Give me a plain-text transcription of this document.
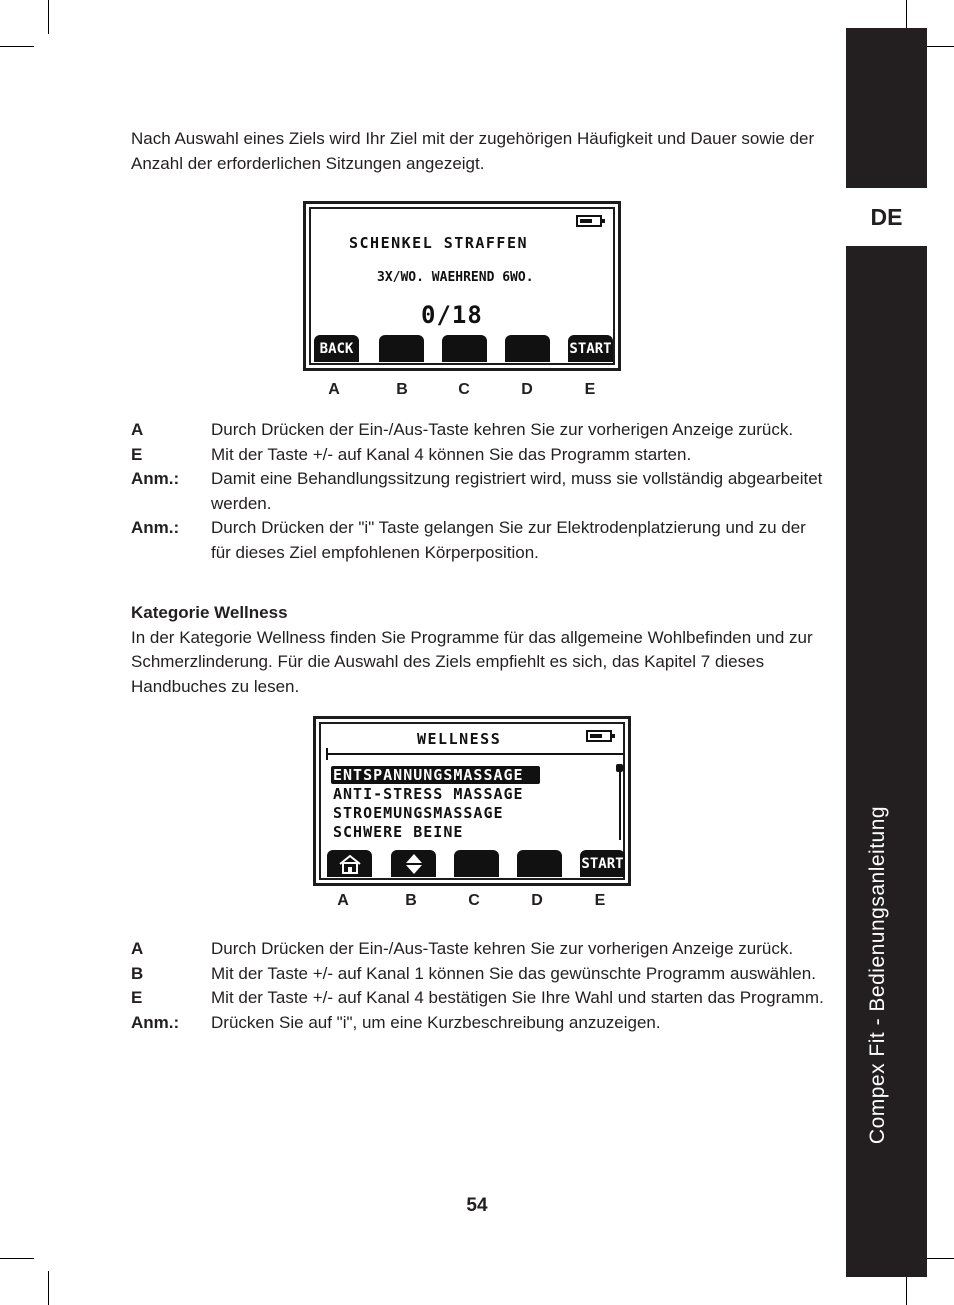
DE
Compex Fit - Bedienungsanleitung

Nach Auswahl eines Ziels wird Ihr Ziel mit der zugehörigen Häufigkeit und Dauer sowie der Anzahl der erforderlichen Sitzungen angezeigt.

SCHENKEL STRAFFEN
3X/WO. WAEHREND 6WO.
0/18
BACK	START
A	B	C	D	E
A	Durch Drücken der Ein-/Aus-Taste kehren Sie zur vorherigen Anzeige zurück.
E	Mit der Taste +/- auf Kanal 4 können Sie das Programm starten.
Anm.:	Damit eine Behandlungssitzung registriert wird, muss sie vollständig abgearbeitet werden.
Anm.:	Durch Drücken der "i" Taste gelangen Sie zur Elektrodenplatzierung und zu der für dieses Ziel empfohlenen Körperposition.
Kategorie Wellness
In der Kategorie Wellness finden Sie Programme für das allgemeine Wohlbefinden und zur Schmerzlinderung. Für die Auswahl des Ziels empfiehlt es sich, das Kapitel 7 dieses Handbuches zu lesen.
WELLNESS
ENTSPANNUNGSMASSAGE
ANTI-STRESS MASSAGE
STROEMUNGSMASSAGE
SCHWERE BEINE
START
A	B	C	D	E
A	Durch Drücken der Ein-/Aus-Taste kehren Sie zur vorherigen Anzeige zurück.
B	Mit der Taste +/- auf Kanal 1 können Sie das gewünschte Programm auswählen.
E	Mit der Taste +/- auf Kanal 4 bestätigen Sie Ihre Wahl und starten das Programm.
Anm.:	Drücken Sie auf "i", um eine Kurzbeschreibung anzuzeigen.
54
